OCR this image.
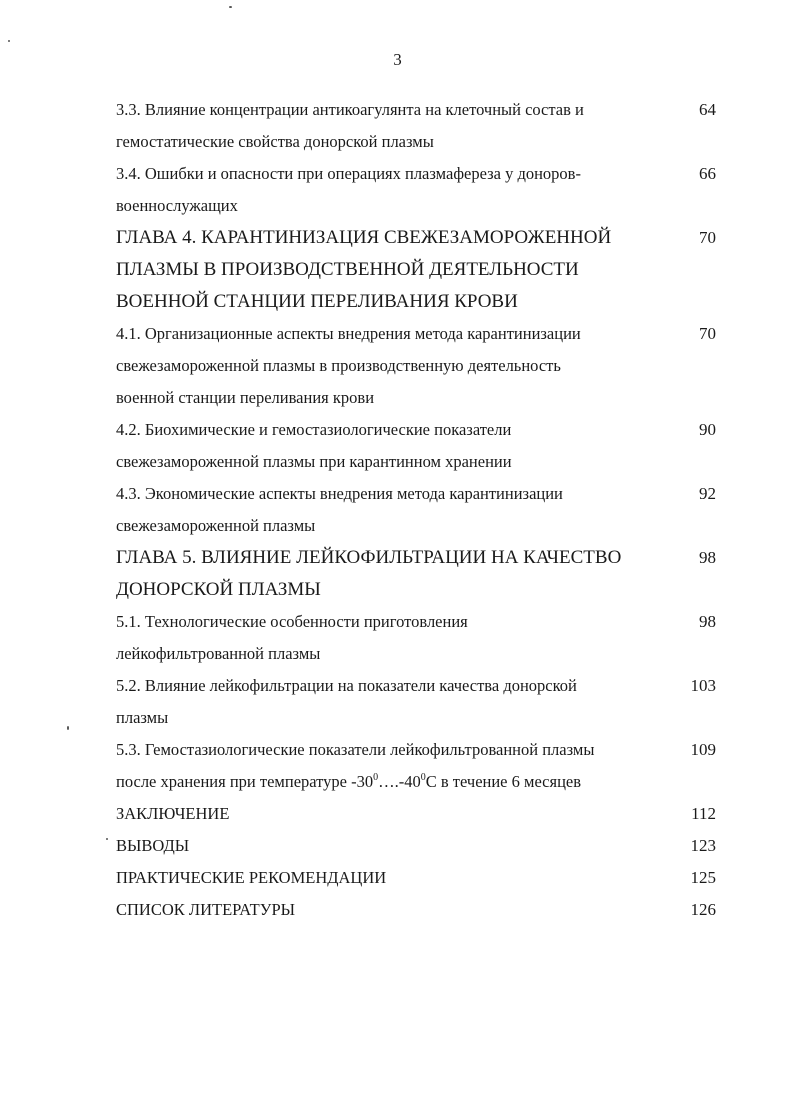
3
3.3. Влияние концентрации антикоагулянта на клеточный состав и
гемостатические свойства донорской плазмы
64
3.4. Ошибки и опасности при операциях плазмафереза у доноров-
военнослужащих
66
ГЛАВА 4. КАРАНТИНИЗАЦИЯ СВЕЖЕЗАМОРОЖЕННОЙ
ПЛАЗМЫ В ПРОИЗВОДСТВЕННОЙ ДЕЯТЕЛЬНОСТИ
ВОЕННОЙ СТАНЦИИ ПЕРЕЛИВАНИЯ КРОВИ
70
4.1. Организационные аспекты внедрения метода карантинизации
свежезамороженной плазмы в производственную деятельность
военной станции переливания крови
70
4.2. Биохимические и гемостазиологические показатели
свежезамороженной плазмы при карантинном хранении
90
4.3. Экономические аспекты внедрения метода карантинизации
свежезамороженной плазмы
92
ГЛАВА 5. ВЛИЯНИЕ ЛЕЙКОФИЛЬТРАЦИИ НА КАЧЕСТВО
ДОНОРСКОЙ ПЛАЗМЫ
98
5.1. Технологические особенности приготовления
лейкофильтрованной плазмы
98
5.2. Влияние лейкофильтрации на показатели качества донорской
плазмы
103
5.3. Гемостазиологические показатели лейкофильтрованной плазмы
после хранения при температуре $-30^0\dots.-40^0С$ в течение 6 месяцев
109
ЗАКЛЮЧЕНИЕ	112
ВЫВОДЫ	123
ПРАКТИЧЕСКИЕ РЕКОМЕНДАЦИИ	125
СПИСОК ЛИТЕРАТУРЫ	126
